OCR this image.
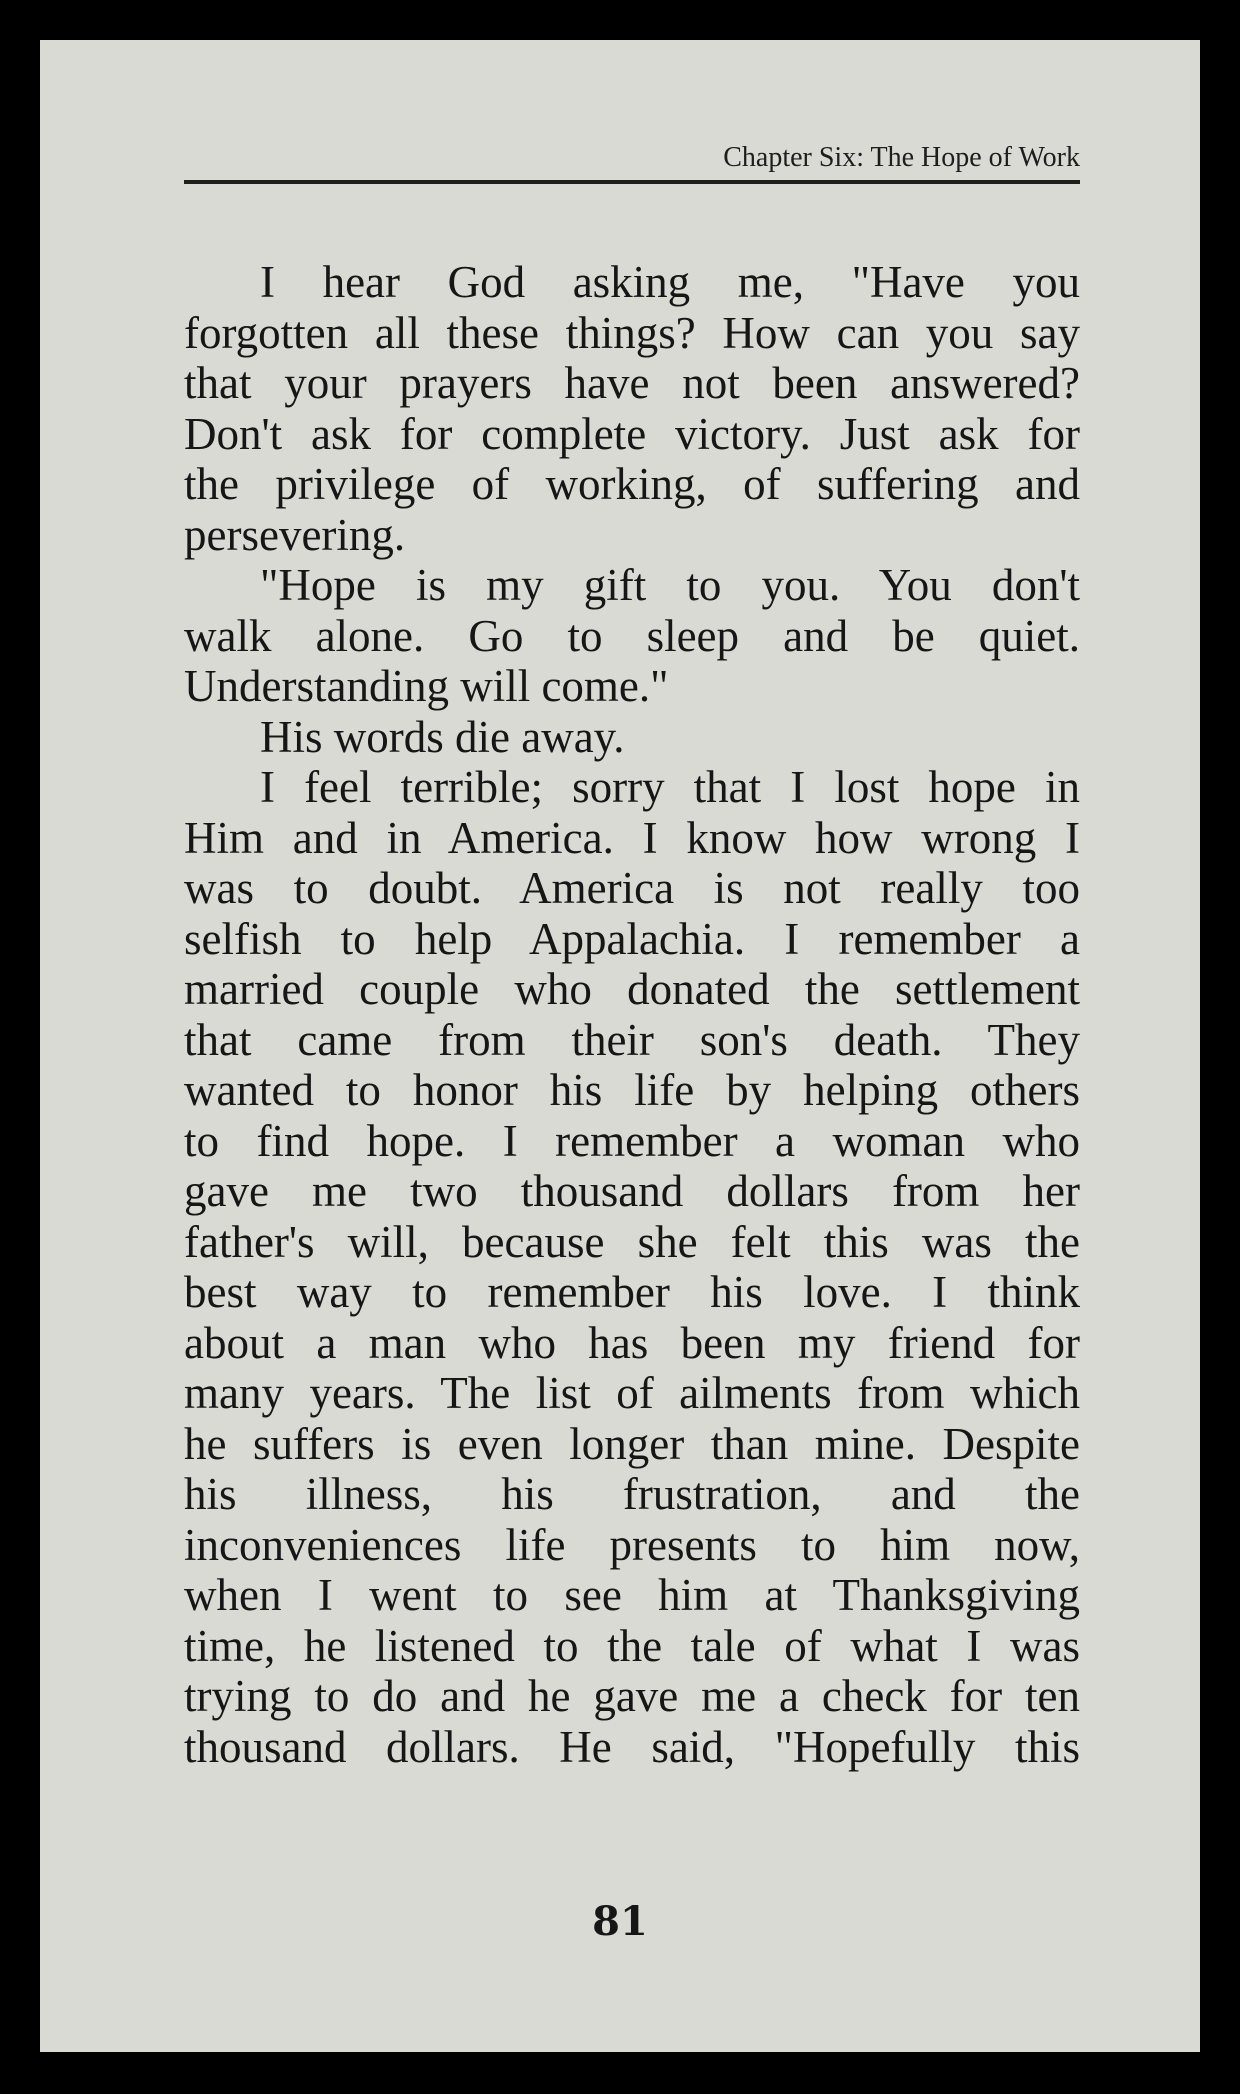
Chapter Six: The Hope of Work
I hear God asking me, "Have you
forgotten all these things? How can you say
that your prayers have not been answered?
Don't ask for complete victory. Just ask for
the privilege of working, of suffering and
persevering.
"Hope is my gift to you. You don't
walk alone. Go to sleep and be quiet.
Understanding will come."
His words die away.
I feel terrible; sorry that I lost hope in
Him and in America. I know how wrong I
was to doubt. America is not really too
selfish to help Appalachia. I remember a
married couple who donated the settlement
that came from their son's death. They
wanted to honor his life by helping others
to find hope. I remember a woman who
gave me two thousand dollars from her
father's will, because she felt this was the
best way to remember his love. I think
about a man who has been my friend for
many years. The list of ailments from which
he suffers is even longer than mine. Despite
his illness, his frustration, and the
inconveniences life presents to him now,
when I went to see him at Thanksgiving
time, he listened to the tale of what I was
trying to do and he gave me a check for ten
thousand dollars. He said, "Hopefully this
81
